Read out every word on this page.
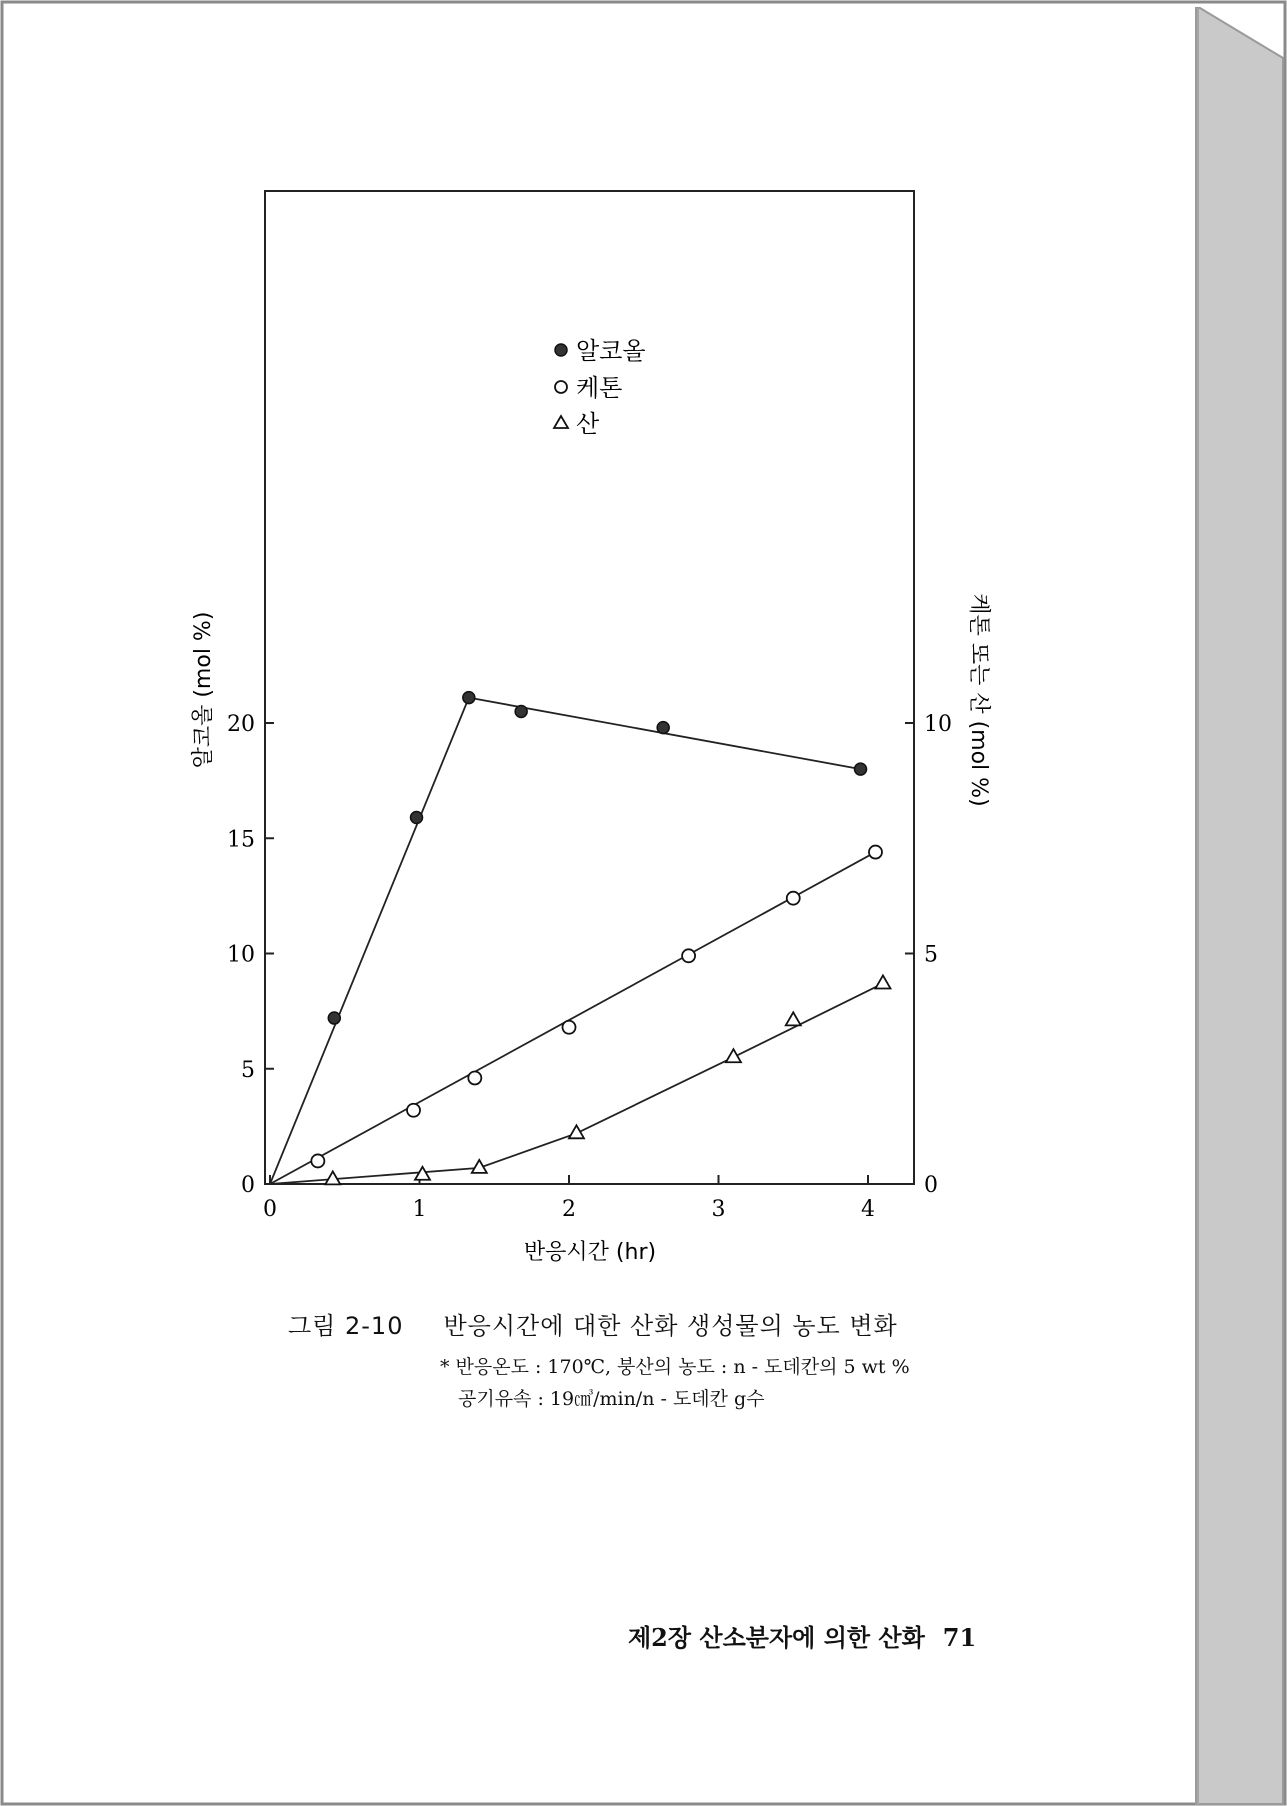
0	1	2	3	4
0
5
10
15
20
0
5
10
알코올
케톤
산
반응시간 (hr)
알코올 (mol %)	케톤 또는 산 (mol %)
그림 2-10 반응시간에 대한 산화 생성물의 농도 변화
* 반응온도 : 170℃, 붕산의 농도 : n - 도데칸의 5 wt %
공기유속 : 19㎤/min/n - 도데칸 g수
제2장 산소분자에 의한 산화 71
